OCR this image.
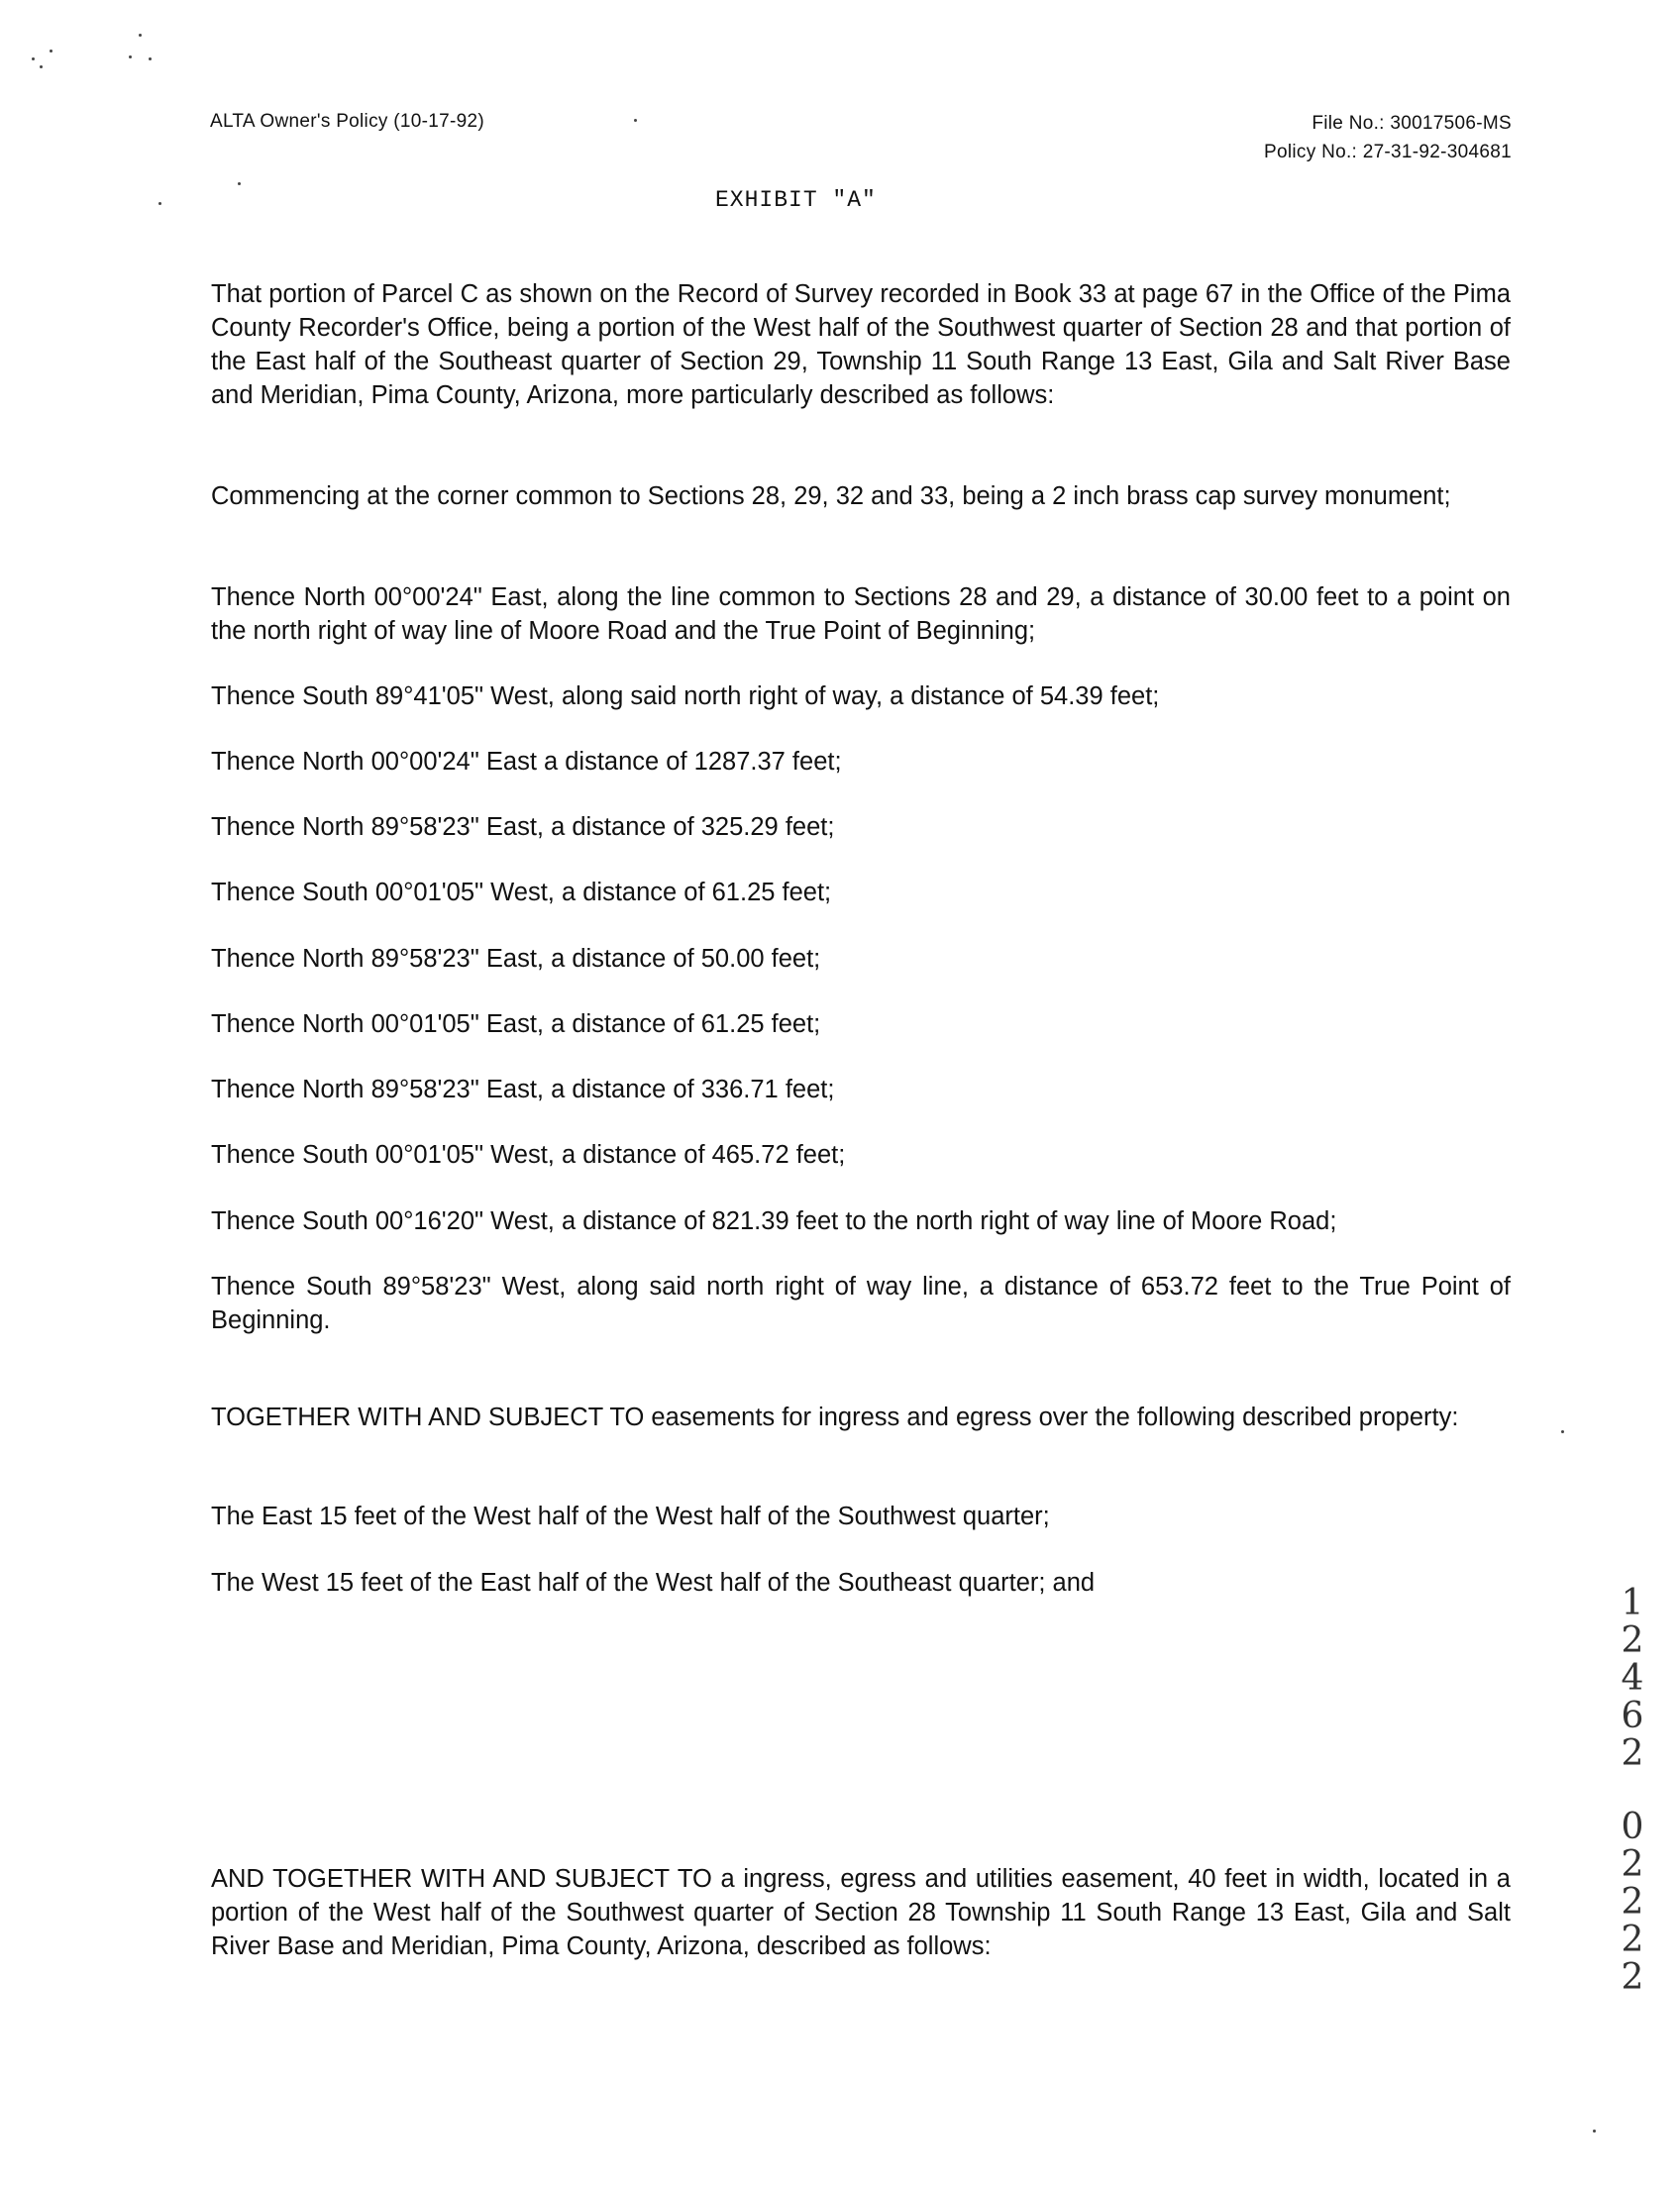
ALTA Owner's Policy (10-17-92)	File No.: 30017506-MS
Policy No.: 27-31-92-304681
EXHIBIT "A"
That portion of Parcel C as shown on the Record of Survey recorded in Book 33 at page 67 in the Office of the Pima County Recorder's Office, being a portion of the West half of the Southwest quarter of Section 28 and that portion of the East half of the Southeast quarter of Section 29, Township 11 South Range 13 East, Gila and Salt River Base and Meridian, Pima County, Arizona, more particularly described as follows:
Commencing at the corner common to Sections 28, 29, 32 and 33, being a 2 inch brass cap survey monument;
Thence North 00°00'24" East, along the line common to Sections 28 and 29, a distance of 30.00 feet to a point on the north right of way line of Moore Road and the True Point of Beginning;
Thence South 89°41'05" West, along said north right of way, a distance of 54.39 feet;
Thence North 00°00'24" East a distance of 1287.37 feet;
Thence North 89°58'23" East, a distance of 325.29 feet;
Thence South 00°01'05" West, a distance of 61.25 feet;
Thence North 89°58'23" East, a distance of 50.00 feet;
Thence North 00°01'05" East, a distance of 61.25 feet;
Thence North 89°58'23" East, a distance of 336.71 feet;
Thence South 00°01'05" West, a distance of 465.72 feet;
Thence South 00°16'20" West, a distance of 821.39 feet to the north right of way line of Moore Road;
Thence South 89°58'23" West, along said north right of way line, a distance of 653.72 feet to the True Point of Beginning.
TOGETHER WITH AND SUBJECT TO easements for ingress and egress over the following described property:
The East 15 feet of the West half of the West half of the Southwest quarter;
The West 15 feet of the East half of the West half of the Southeast quarter; and
AND TOGETHER WITH AND SUBJECT TO a ingress, egress and utilities easement, 40 feet in width, located in a portion of the West half of the Southwest quarter of Section 28 Township 11 South Range 13 East, Gila and Salt River Base and Meridian, Pima County, Arizona, described as follows:
1
2
4
6
2
0
2
2
2
2
